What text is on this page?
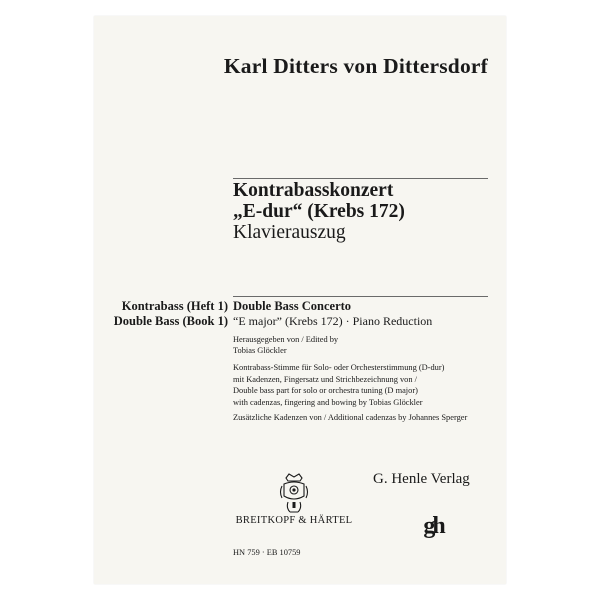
Karl Ditters von Dittersdorf
Kontrabasskonzert
„E-dur“ (Krebs 172)
Klavierauszug
Kontrabass (Heft 1)
Double Bass (Book 1)
Double Bass Concerto
“E major” (Krebs 172) · Piano Reduction
Herausgegeben von / Edited by
Tobias Glöckler
Kontrabass-Stimme für Solo- oder Orchesterstimmung (D-dur)
mit Kadenzen, Fingersatz und Strichbezeichnung von /
Double bass part for solo or orchestra tuning (D major)
with cadenzas, fingering and bowing by Tobias Glöckler
Zusätzliche Kadenzen von / Additional cadenzas by Johannes Sperger
BREITKOPF & HÄRTEL
G. Henle Verlag
gh
HN 759 · EB 10759
